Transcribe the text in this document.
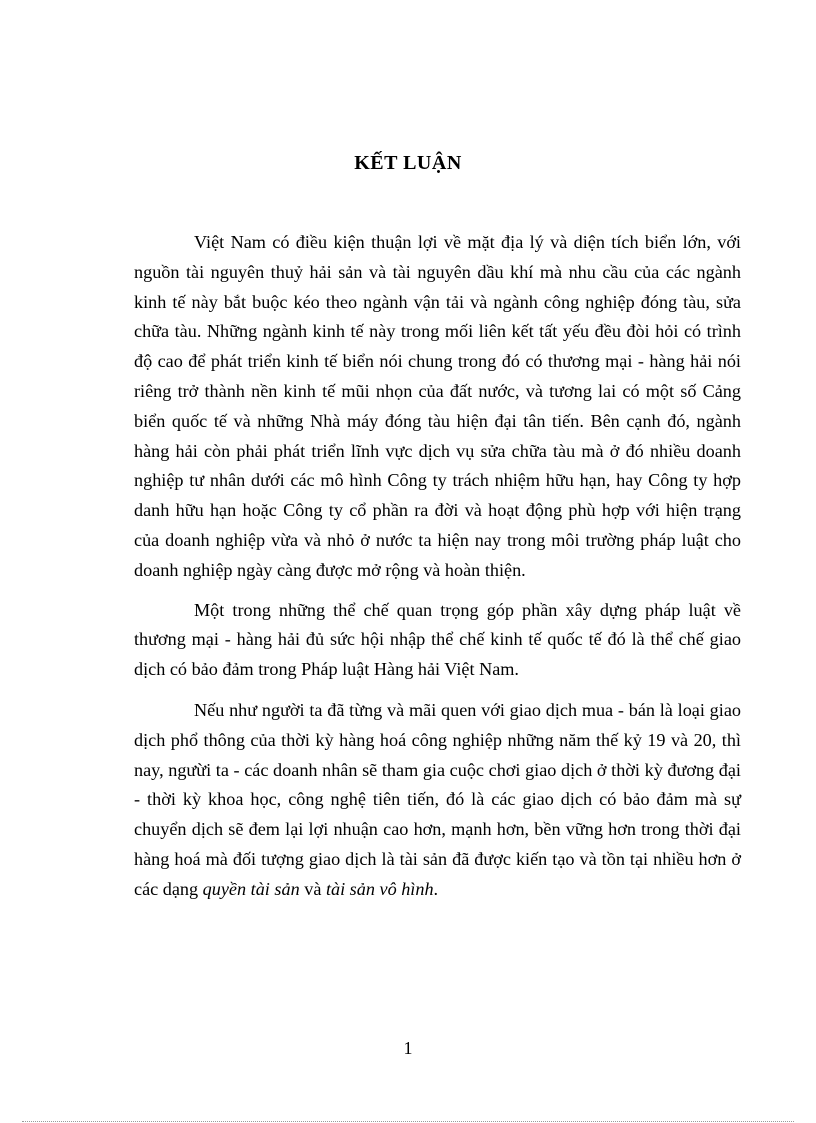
KẾT LUẬN

Việt Nam có điều kiện thuận lợi về mặt địa lý và diện tích biển lớn, với nguồn tài nguyên thuỷ hải sản và tài nguyên dầu khí mà nhu cầu của các ngành kinh tế này bắt buộc kéo theo ngành vận tải và ngành công nghiệp đóng tàu, sửa chữa tàu. Những ngành kinh tế này trong mối liên kết tất yếu đều đòi hỏi có trình độ cao để phát triển kinh tế biển nói chung trong đó có thương mại - hàng hải nói riêng trở thành nền kinh tế mũi nhọn của đất nước, và tương lai có một số Cảng biển quốc tế và những Nhà máy đóng tàu hiện đại tân tiến. Bên cạnh đó, ngành hàng hải còn phải phát triển lĩnh vực dịch vụ sửa chữa tàu mà ở đó nhiều doanh nghiệp tư nhân dưới các mô hình Công ty trách nhiệm hữu hạn, hay Công ty hợp danh hữu hạn hoặc Công ty cổ phần ra đời và hoạt động phù hợp với hiện trạng của doanh nghiệp vừa và nhỏ ở nước ta hiện nay trong môi trường pháp luật cho doanh nghiệp ngày càng được mở rộng và hoàn thiện.

Một trong những thể chế quan trọng góp phần xây dựng pháp luật về thương mại - hàng hải đủ sức hội nhập thể chế kinh tế quốc tế đó là thể chế giao dịch có bảo đảm trong Pháp luật Hàng hải Việt Nam.

Nếu như người ta đã từng và mãi quen với giao dịch mua - bán là loại giao dịch phổ thông của thời kỳ hàng hoá công nghiệp những năm thế kỷ 19 và 20, thì nay, ngưừi ta - các doanh nhân sẽ tham gia cuộc chơi giao dịch ở thời kỳ đương đại - thời kỳ khoa học, công nghệ tiên tiến, đó là các giao dịch có bảo đảm mà sự chuyển dịch sẽ đem lại lợi nhuận cao hơn, mạnh hơn, bền vững hơn trong thời đại hàng hoá mà đối tượng giao dịch là tài sản đã được kiến tạo và tồn tại nhiều hơn ở các dạng quyền tài sản và tài sản vô hình.

1
